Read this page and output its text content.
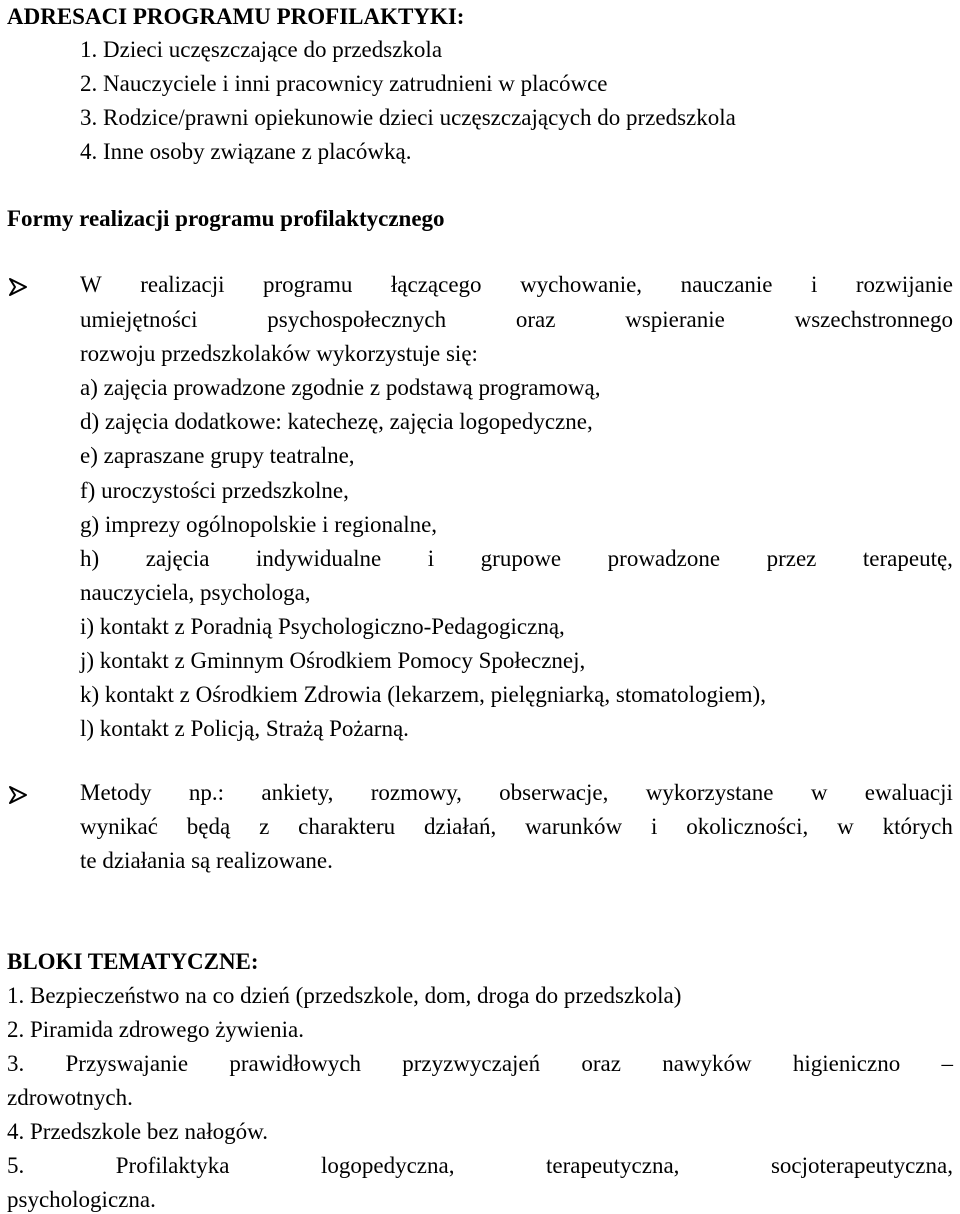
ADRESACI PROGRAMU PROFILAKTYKI:
1. Dzieci uczęszczające do przedszkola
2. Nauczyciele i inni pracownicy zatrudnieni w placówce
3. Rodzice/prawni opiekunowie dzieci uczęszczających do przedszkola
4. Inne osoby związane z placówką.
Formy realizacji programu profilaktycznego
W realizacji programu łączącego wychowanie, nauczanie i rozwijanie
umiejętności	psychospołecznych	oraz	wspieranie	wszechstronnego
rozwoju przedszkolaków wykorzystuje się:
a) zajęcia prowadzone zgodnie z podstawą programową,
d) zajęcia dodatkowe: katechezę, zajęcia logopedyczne,
e) zapraszane grupy teatralne,
f) uroczystości przedszkolne,
g) imprezy ogólnopolskie i regionalne,
h) zajęcia indywidualne i grupowe prowadzone przez terapeutę,
nauczyciela, psychologa,
i) kontakt z Poradnią Psychologiczno-Pedagogiczną,
j) kontakt z Gminnym Ośrodkiem Pomocy Społecznej,
k) kontakt z Ośrodkiem Zdrowia (lekarzem, pielęgniarką, stomatologiem),
l) kontakt z Policją, Strażą Pożarną.
Metody np.: ankiety, rozmowy, obserwacje, wykorzystane w ewaluacji
wynikać będą z charakteru działań, warunków i okoliczności, w których
te działania są realizowane.
BLOKI TEMATYCZNE:
1. Bezpieczeństwo na co dzień (przedszkole, dom, droga do przedszkola)
2. Piramida zdrowego żywienia.
3. Przyswajanie prawidłowych przyzwyczajeń oraz nawyków higieniczno –
zdrowotnych.
4. Przedszkole bez nałogów.
5.	Profilaktyka	logopedyczna,	terapeutyczna,	socjoterapeutyczna,
psychologiczna.
